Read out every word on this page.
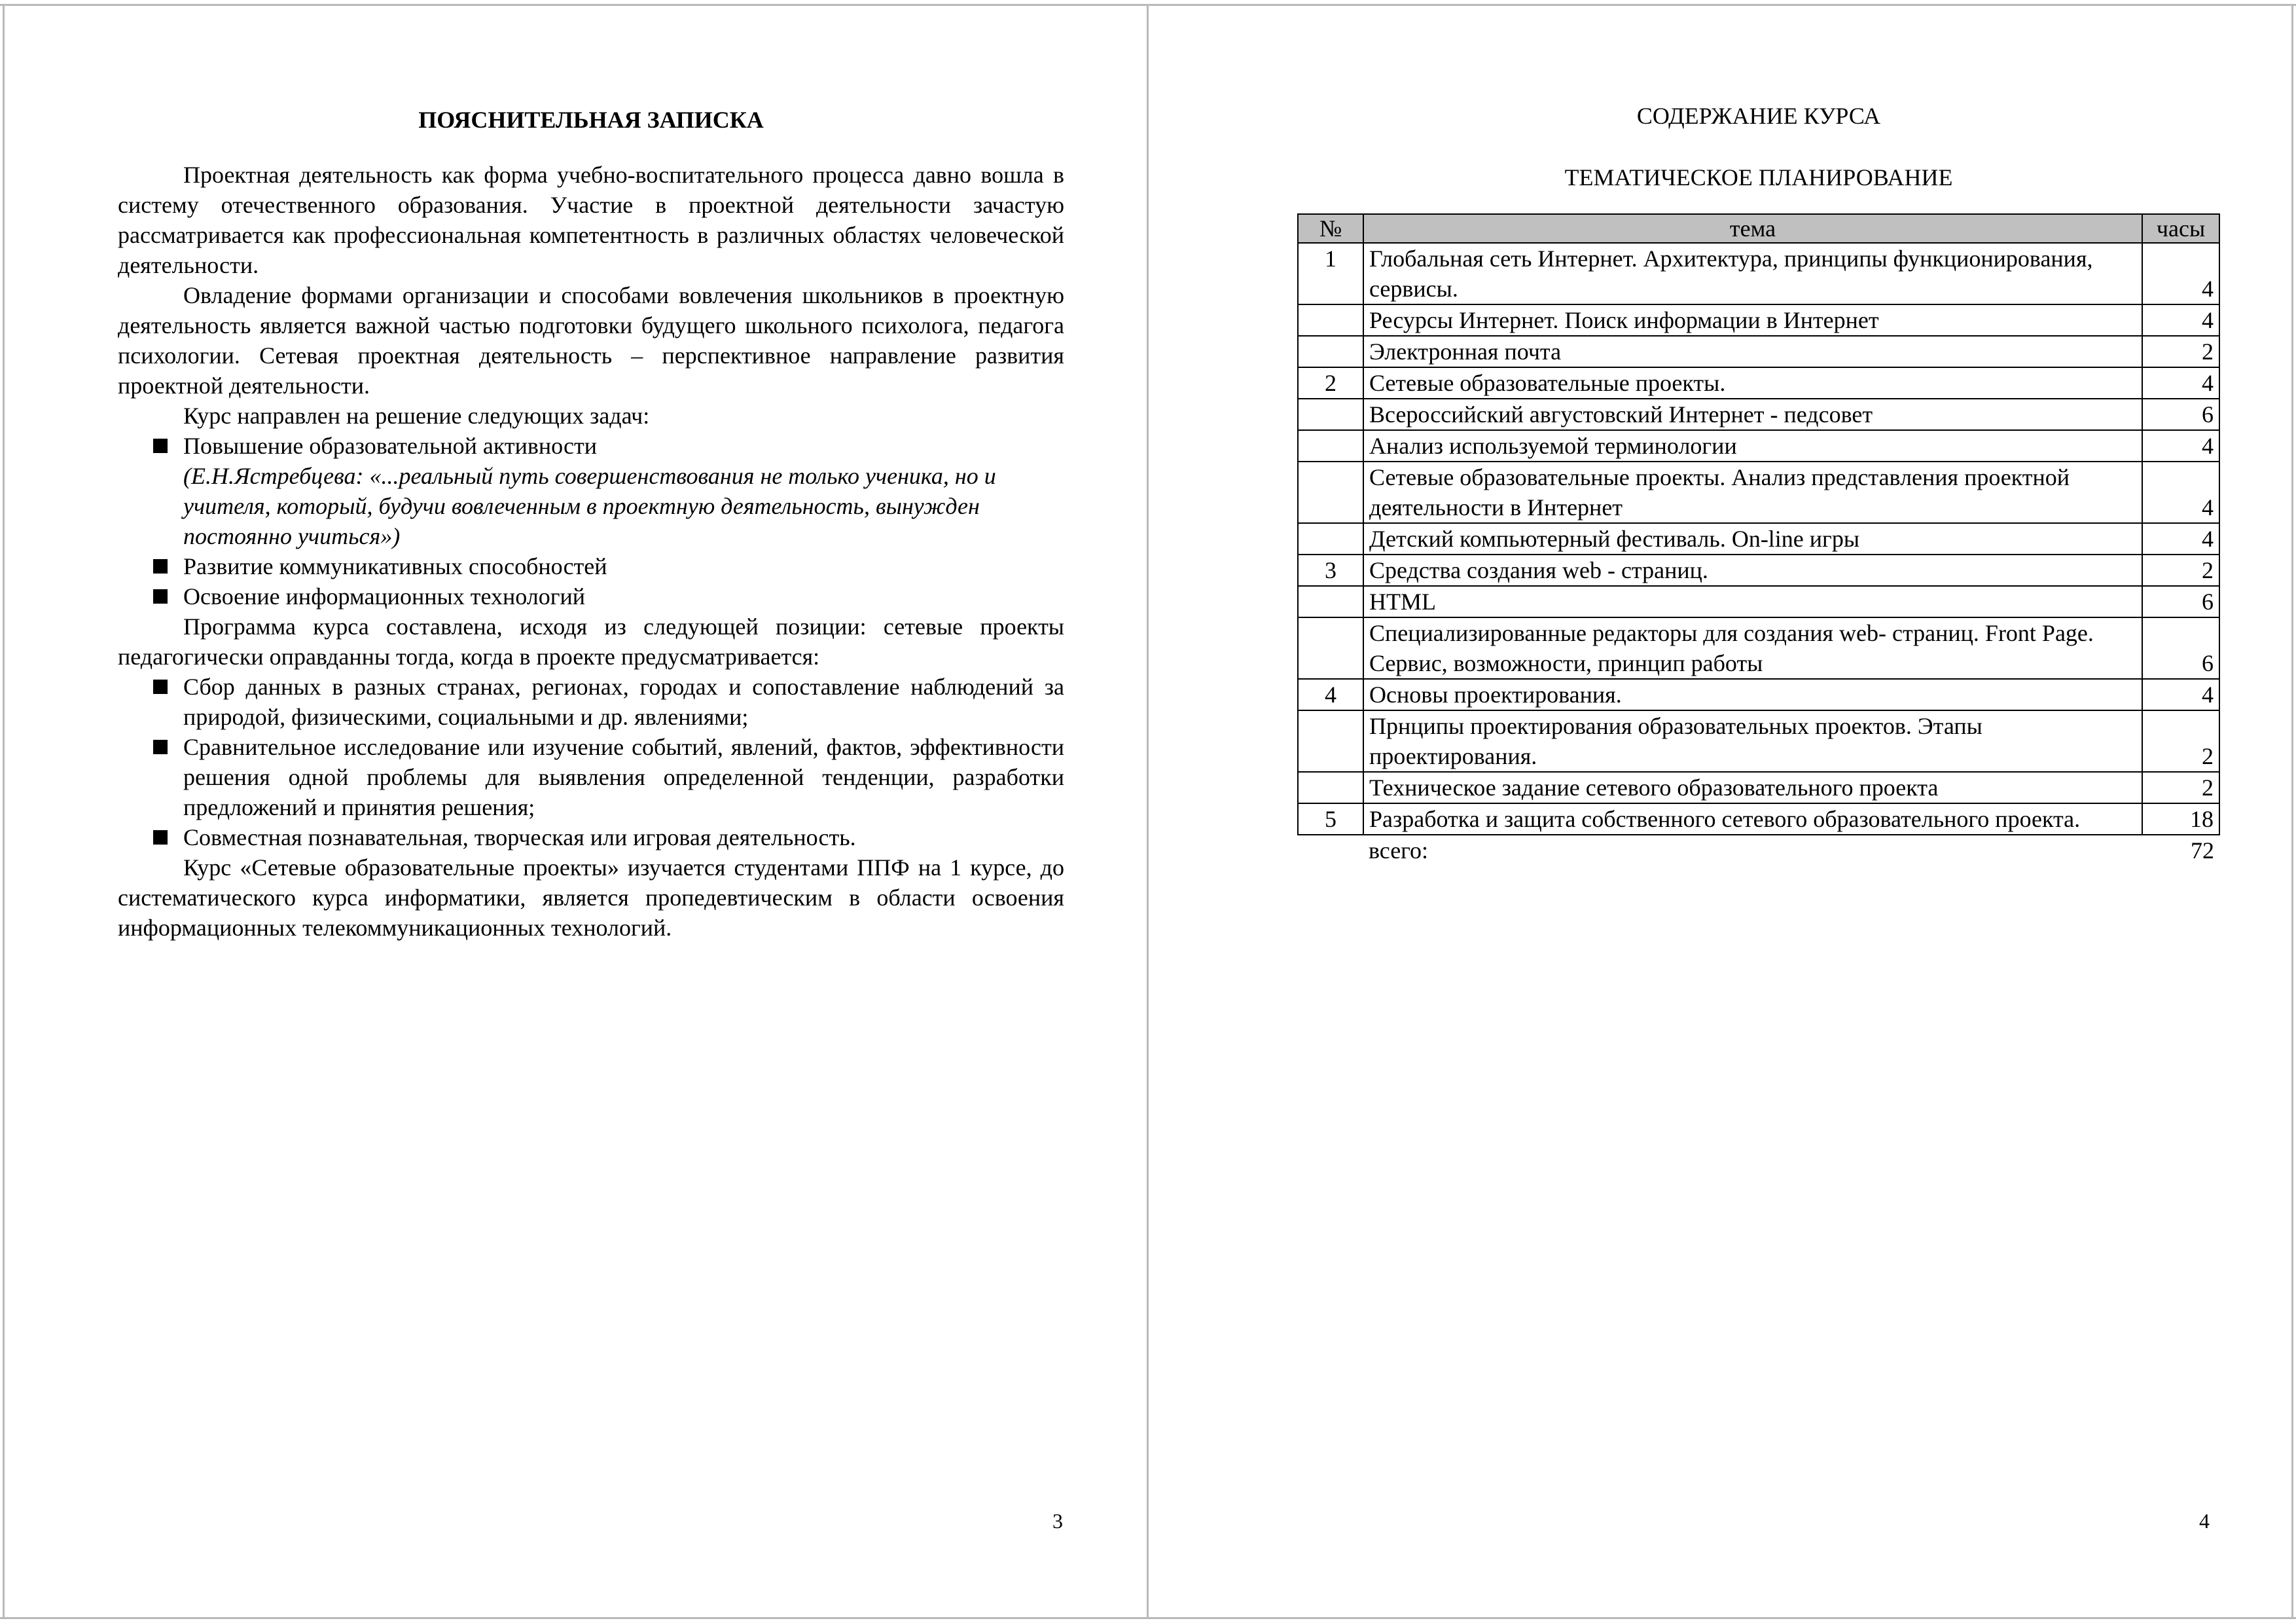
ПОЯСНИТЕЛЬНАЯ ЗАПИСКА

Проектная деятельность как форма учебно-воспитательного процесса давно вошла в систему отечественного образования. Участие в проектной деятельности зачастую рассматривается как профессиональная компетентность в различных областях человеческой деятельности.

Овладение формами организации и способами вовлечения школьников в проектную деятельность является важной частью подготовки будущего школьного психолога, педагога психологии. Сетевая проектная деятельность – перспективное направление развития проектной деятельности.

Курс направлен на решение следующих задач:

Повышение образовательной активности
(Е.Н.Ястребцева: «...реальный путь совершенствования не только ученика, но и учителя, который, будучи вовлеченным в проектную деятельность, вынужден постоянно учиться»)
Развитие коммуникативных способностей
Освоение информационных технологий

Программа курса составлена, исходя из следующей позиции: сетевые проекты педагогически оправданны тогда, когда в проекте предусматривается:

Сбор данных в разных странах, регионах, городах и сопоставление наблюдений за природой, физическими, социальными и др. явлениями;
Сравнительное исследование или изучение событий, явлений, фактов, эффективности решения одной проблемы для выявления определенной тенденции, разработки предложений и принятия решения;
Совместная познавательная, творческая или игровая деятельность.

Курс «Сетевые образовательные проекты» изучается студентами ППФ на 1 курсе, до систематического курса информатики, является пропедевтическим в области освоения информационных телекоммуникационных технологий.

3
СОДЕРЖАНИЕ КУРСА
ТЕМАТИЧЕСКОЕ ПЛАНИРОВАНИЕ
№	тема	часы
1	Глобальная сеть Интернет. Архитектура, принципы функционирования, сервисы.	4
	Ресурсы Интернет. Поиск информации в Интернет	4
	Электронная почта	2
2	Сетевые образовательные проекты.	4
	Всероссийский августовский Интернет - педсовет	6
	Анализ используемой терминологии	4
	Сетевые образовательные проекты. Анализ представления проектной деятельности в Интернет	4
	Детский компьютерный фестиваль. On-line игры	4
3	Средства создания web - страниц.	2
	HTML	6
	Специализированные редакторы для создания web- страниц. Front Page. Сервис, возможности, принцип работы	6
4	Основы проектирования.	4
	Прнципы проектирования образовательных проектов. Этапы проектирования.	2
	Техническое задание сетевого образовательного проекта	2
5	Разработка и защита собственного сетевого образовательного проекта.	18
	всего:	72
4
